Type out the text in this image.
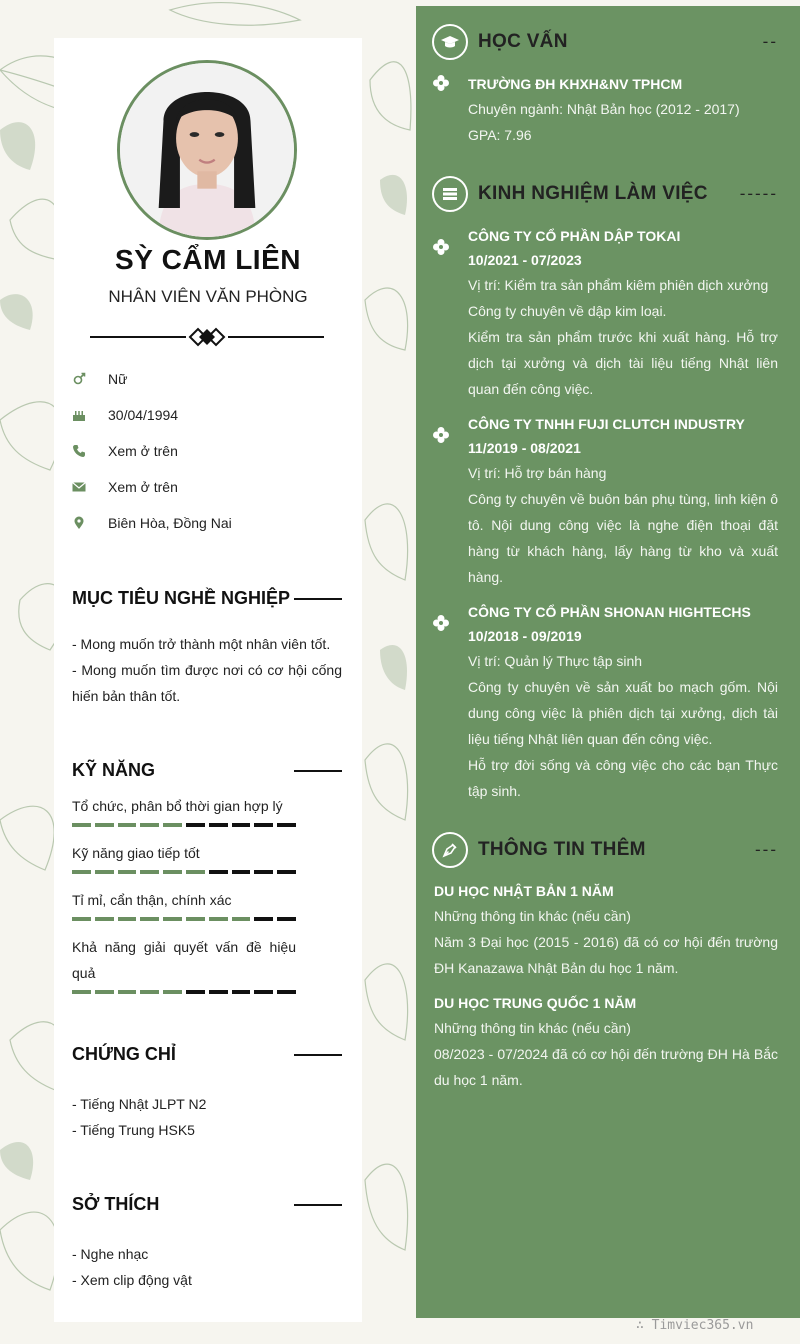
SỲ CẨM LIÊN
NHÂN VIÊN VĂN PHÒNG
Nữ
30/04/1994
Xem ở trên
Xem ở trên
Biên Hòa, Đồng Nai
MỤC TIÊU NGHỀ NGHIỆP

- Mong muốn trở thành một nhân viên tốt.

- Mong muốn tìm được nơi có cơ hội cống hiến bản thân tốt.

KỸ NĂNG
Tổ chức, phân bổ thời gian hợp lý
Kỹ năng giao tiếp tốt
Tỉ mỉ, cẩn thận, chính xác
Khả năng giải quyết vấn đề hiệu quả
CHỨNG CHỈ

- Tiếng Nhật JLPT N2

- Tiếng Trung HSK5

SỞ THÍCH

- Nghe nhạc

- Xem clip động vật

HỌC VẤN	--
TRƯỜNG ĐH KHXH&NV TPHCM
Chuyên ngành: Nhật Bản học (2012 - 2017)
GPA: 7.96
KINH NGHIỆM LÀM VIỆC -----
CÔNG TY CỔ PHẦN DẬP TOKAI
10/2021 - 07/2023
Vị trí: Kiểm tra sản phẩm kiêm phiên dịch xưởng
Công ty chuyên về dập kim loại.
Kiểm tra sản phẩm trước khi xuất hàng. Hỗ trợ dịch tại xưởng và dịch tài liệu tiếng Nhật liên quan đến công việc.
CÔNG TY TNHH FUJI CLUTCH INDUSTRY
11/2019 - 08/2021
Vị trí: Hỗ trợ bán hàng
Công ty chuyên về buôn bán phụ tùng, linh kiện ô tô. Nội dung công việc là nghe điện thoại đặt hàng từ khách hàng, lấy hàng từ kho và xuất hàng.
CÔNG TY CỔ PHẦN SHONAN HIGHTECHS
10/2018 - 09/2019
Vị trí: Quản lý Thực tập sinh
Công ty chuyên về sản xuất bo mạch gốm. Nội dung công việc là phiên dịch tại xưởng, dịch tài liệu tiếng Nhật liên quan đến công việc.
Hỗ trợ đời sống và công việc cho các bạn Thực tập sinh.
THÔNG TIN THÊM	---
DU HỌC NHẬT BẢN 1 NĂM
Những thông tin khác (nếu cần)
Năm 3 Đại học (2015 - 2016) đã có cơ hội đến trường ĐH Kanazawa Nhật Bản du học 1 năm.
DU HỌC TRUNG QUỐC 1 NĂM
Những thông tin khác (nếu cần)
08/2023 - 07/2024 đã có cơ hội đến trường ĐH Hà Bắc du học 1 năm.
∴ Timviec365.vn
